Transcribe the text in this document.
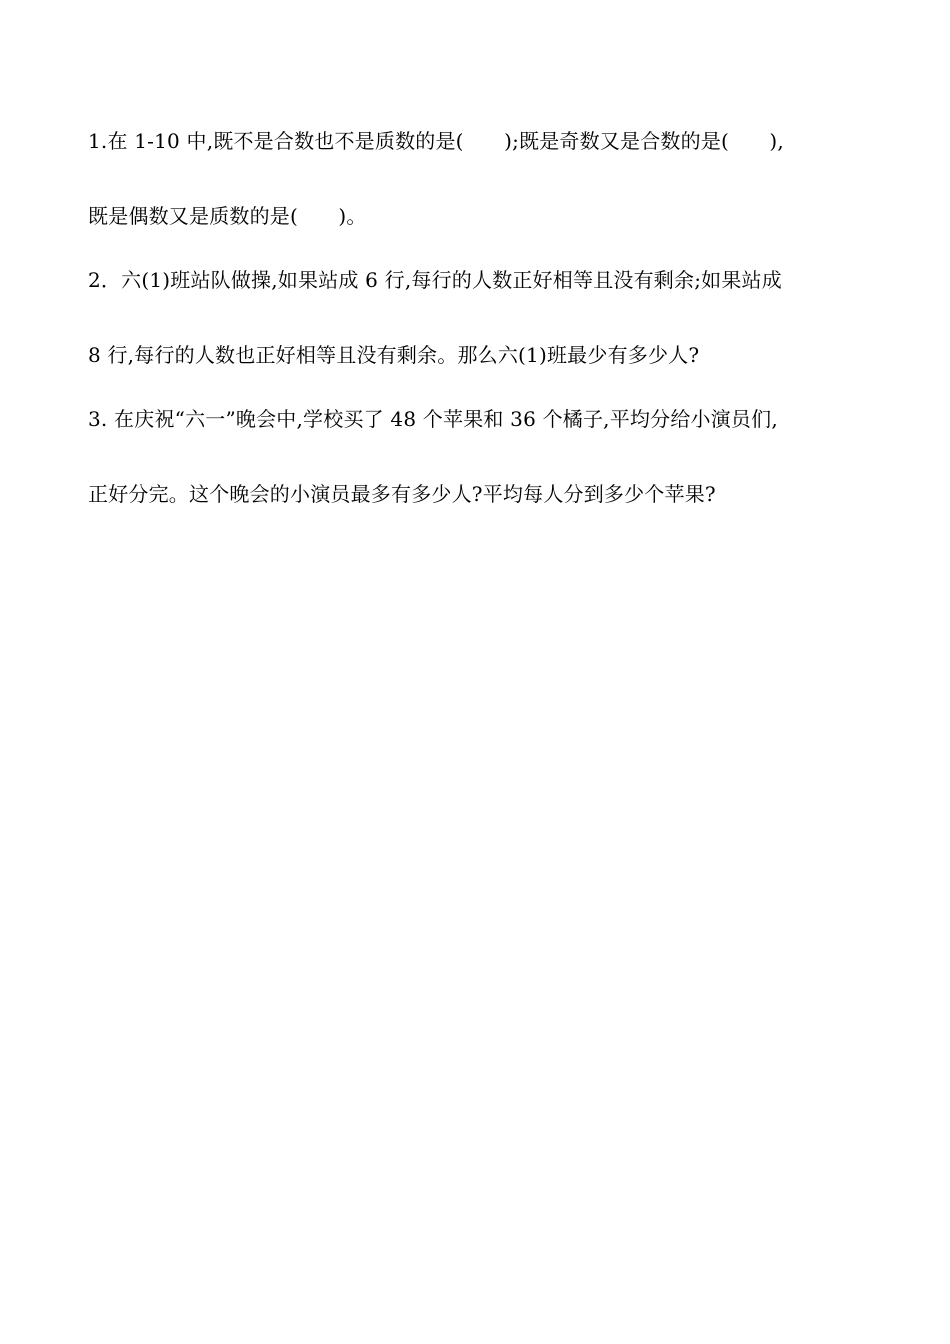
1.在 1-10 中,既不是合数也不是质数的是(　　);既是奇数又是合数的是(　　),
既是偶数又是质数的是(　　)。
2．六(1)班站队做操,如果站成 6 行,每行的人数正好相等且没有剩余;如果站成
8 行,每行的人数也正好相等且没有剩余。那么六(1)班最少有多少人?
3. 在庆祝“六一”晚会中,学校买了 48 个苹果和 36 个橘子,平均分给小演员们,
正好分完。这个晚会的小演员最多有多少人?平均每人分到多少个苹果?
